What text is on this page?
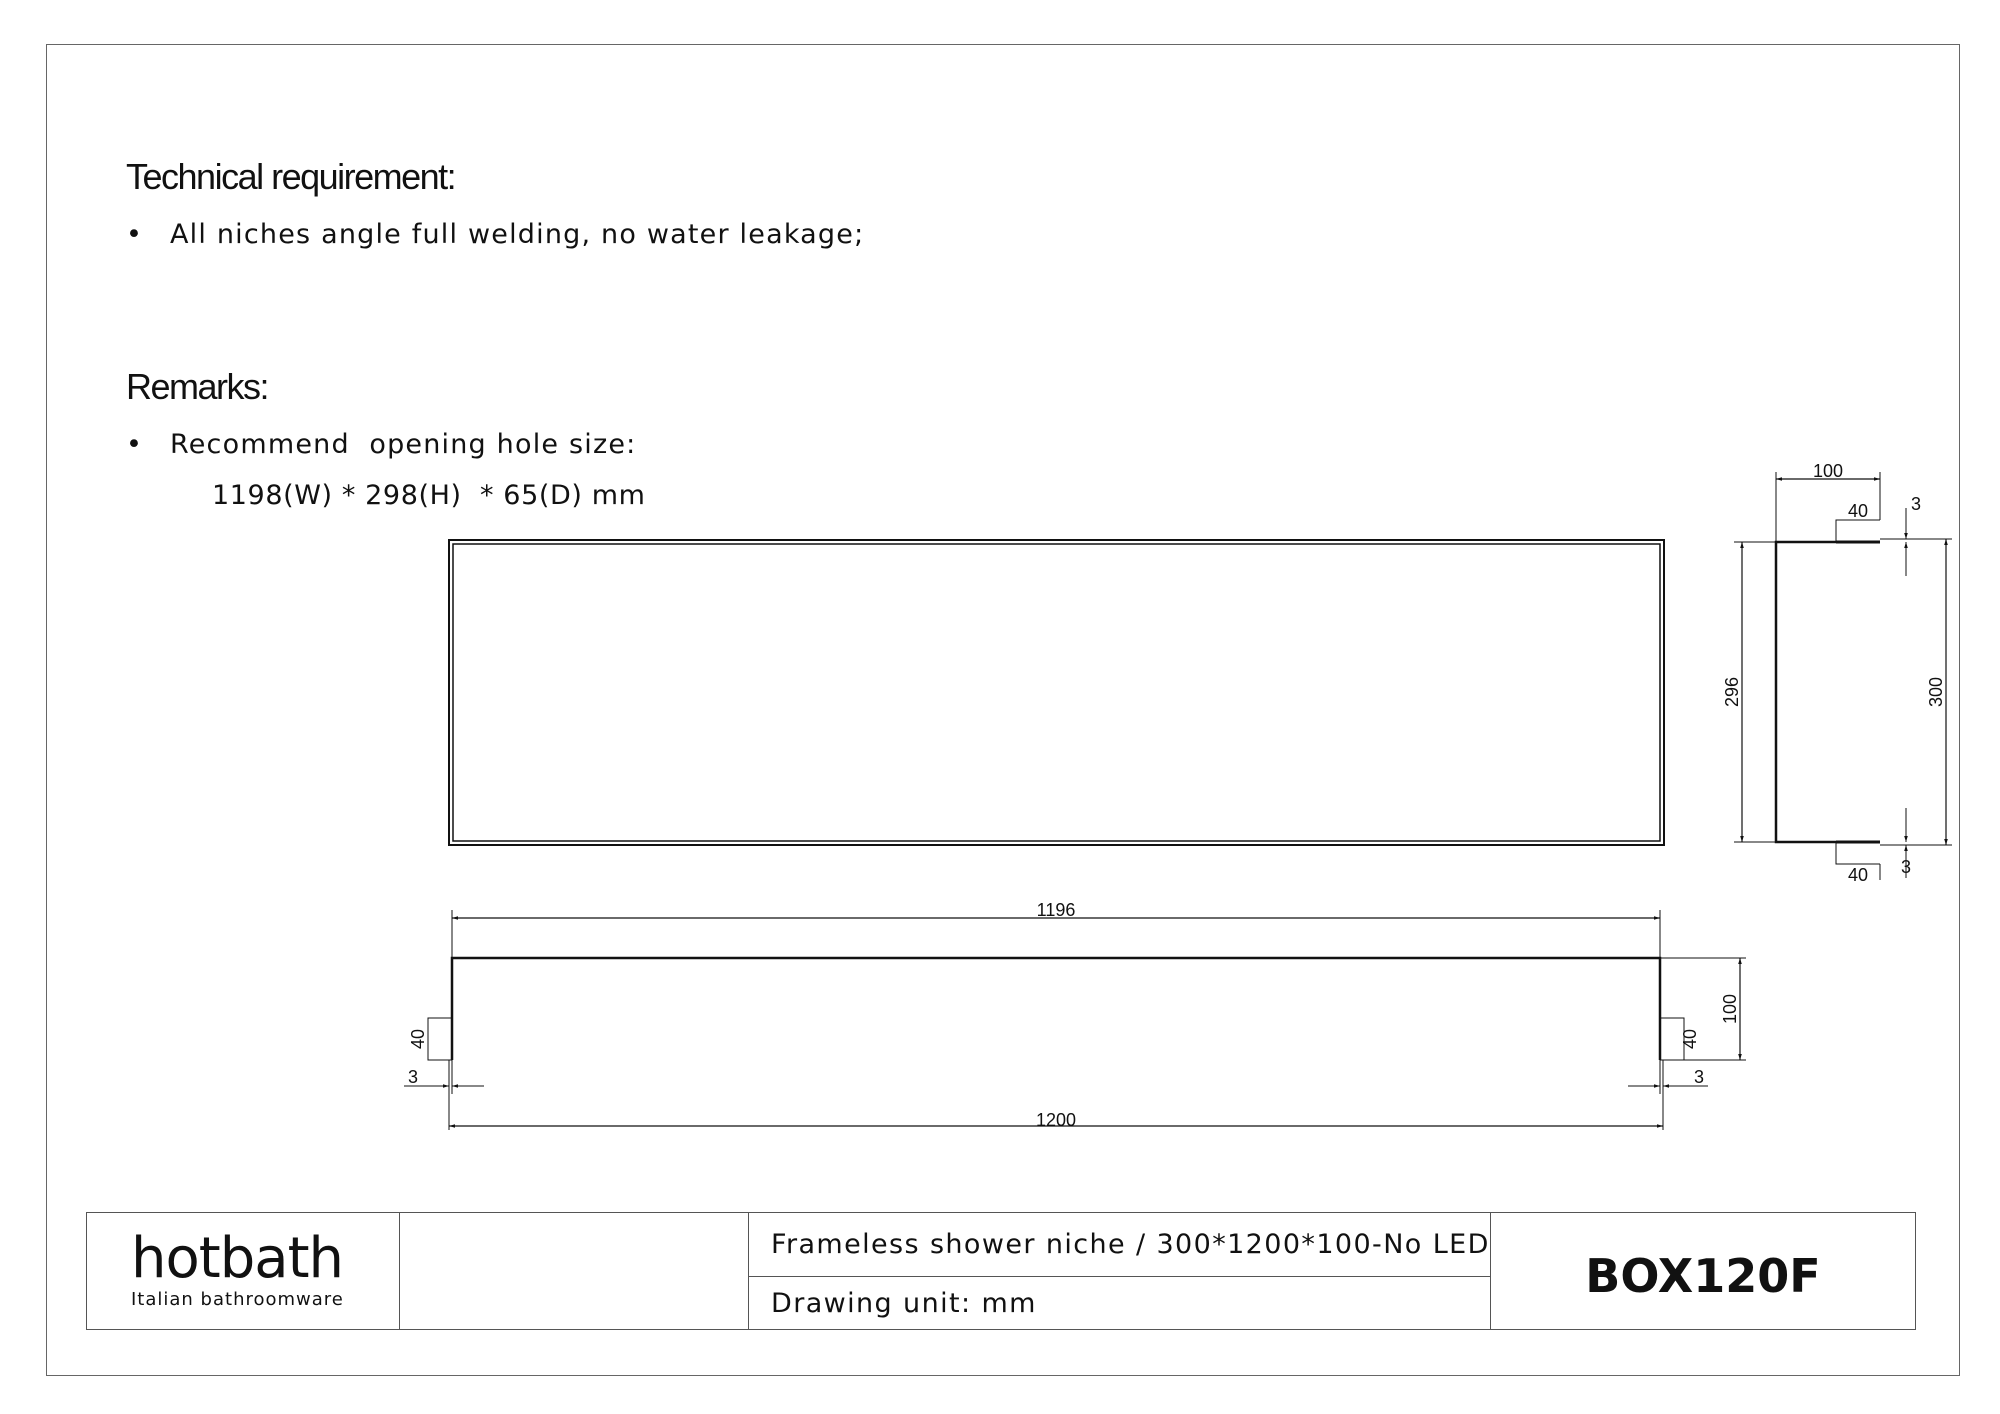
Technical requirement:
• All niches angle full welding, no water leakage;
Remarks:
• Recommend  opening hole size:
1198(W) * 298(H)  * 65(D) mm
1196
1200
100
40	40
3	3
100
40
40
3
3
296	300
hotbath
Italian bathroomware
Frameless shower niche / 300*1200*100-No LED
Drawing unit: mm
BOX120F
